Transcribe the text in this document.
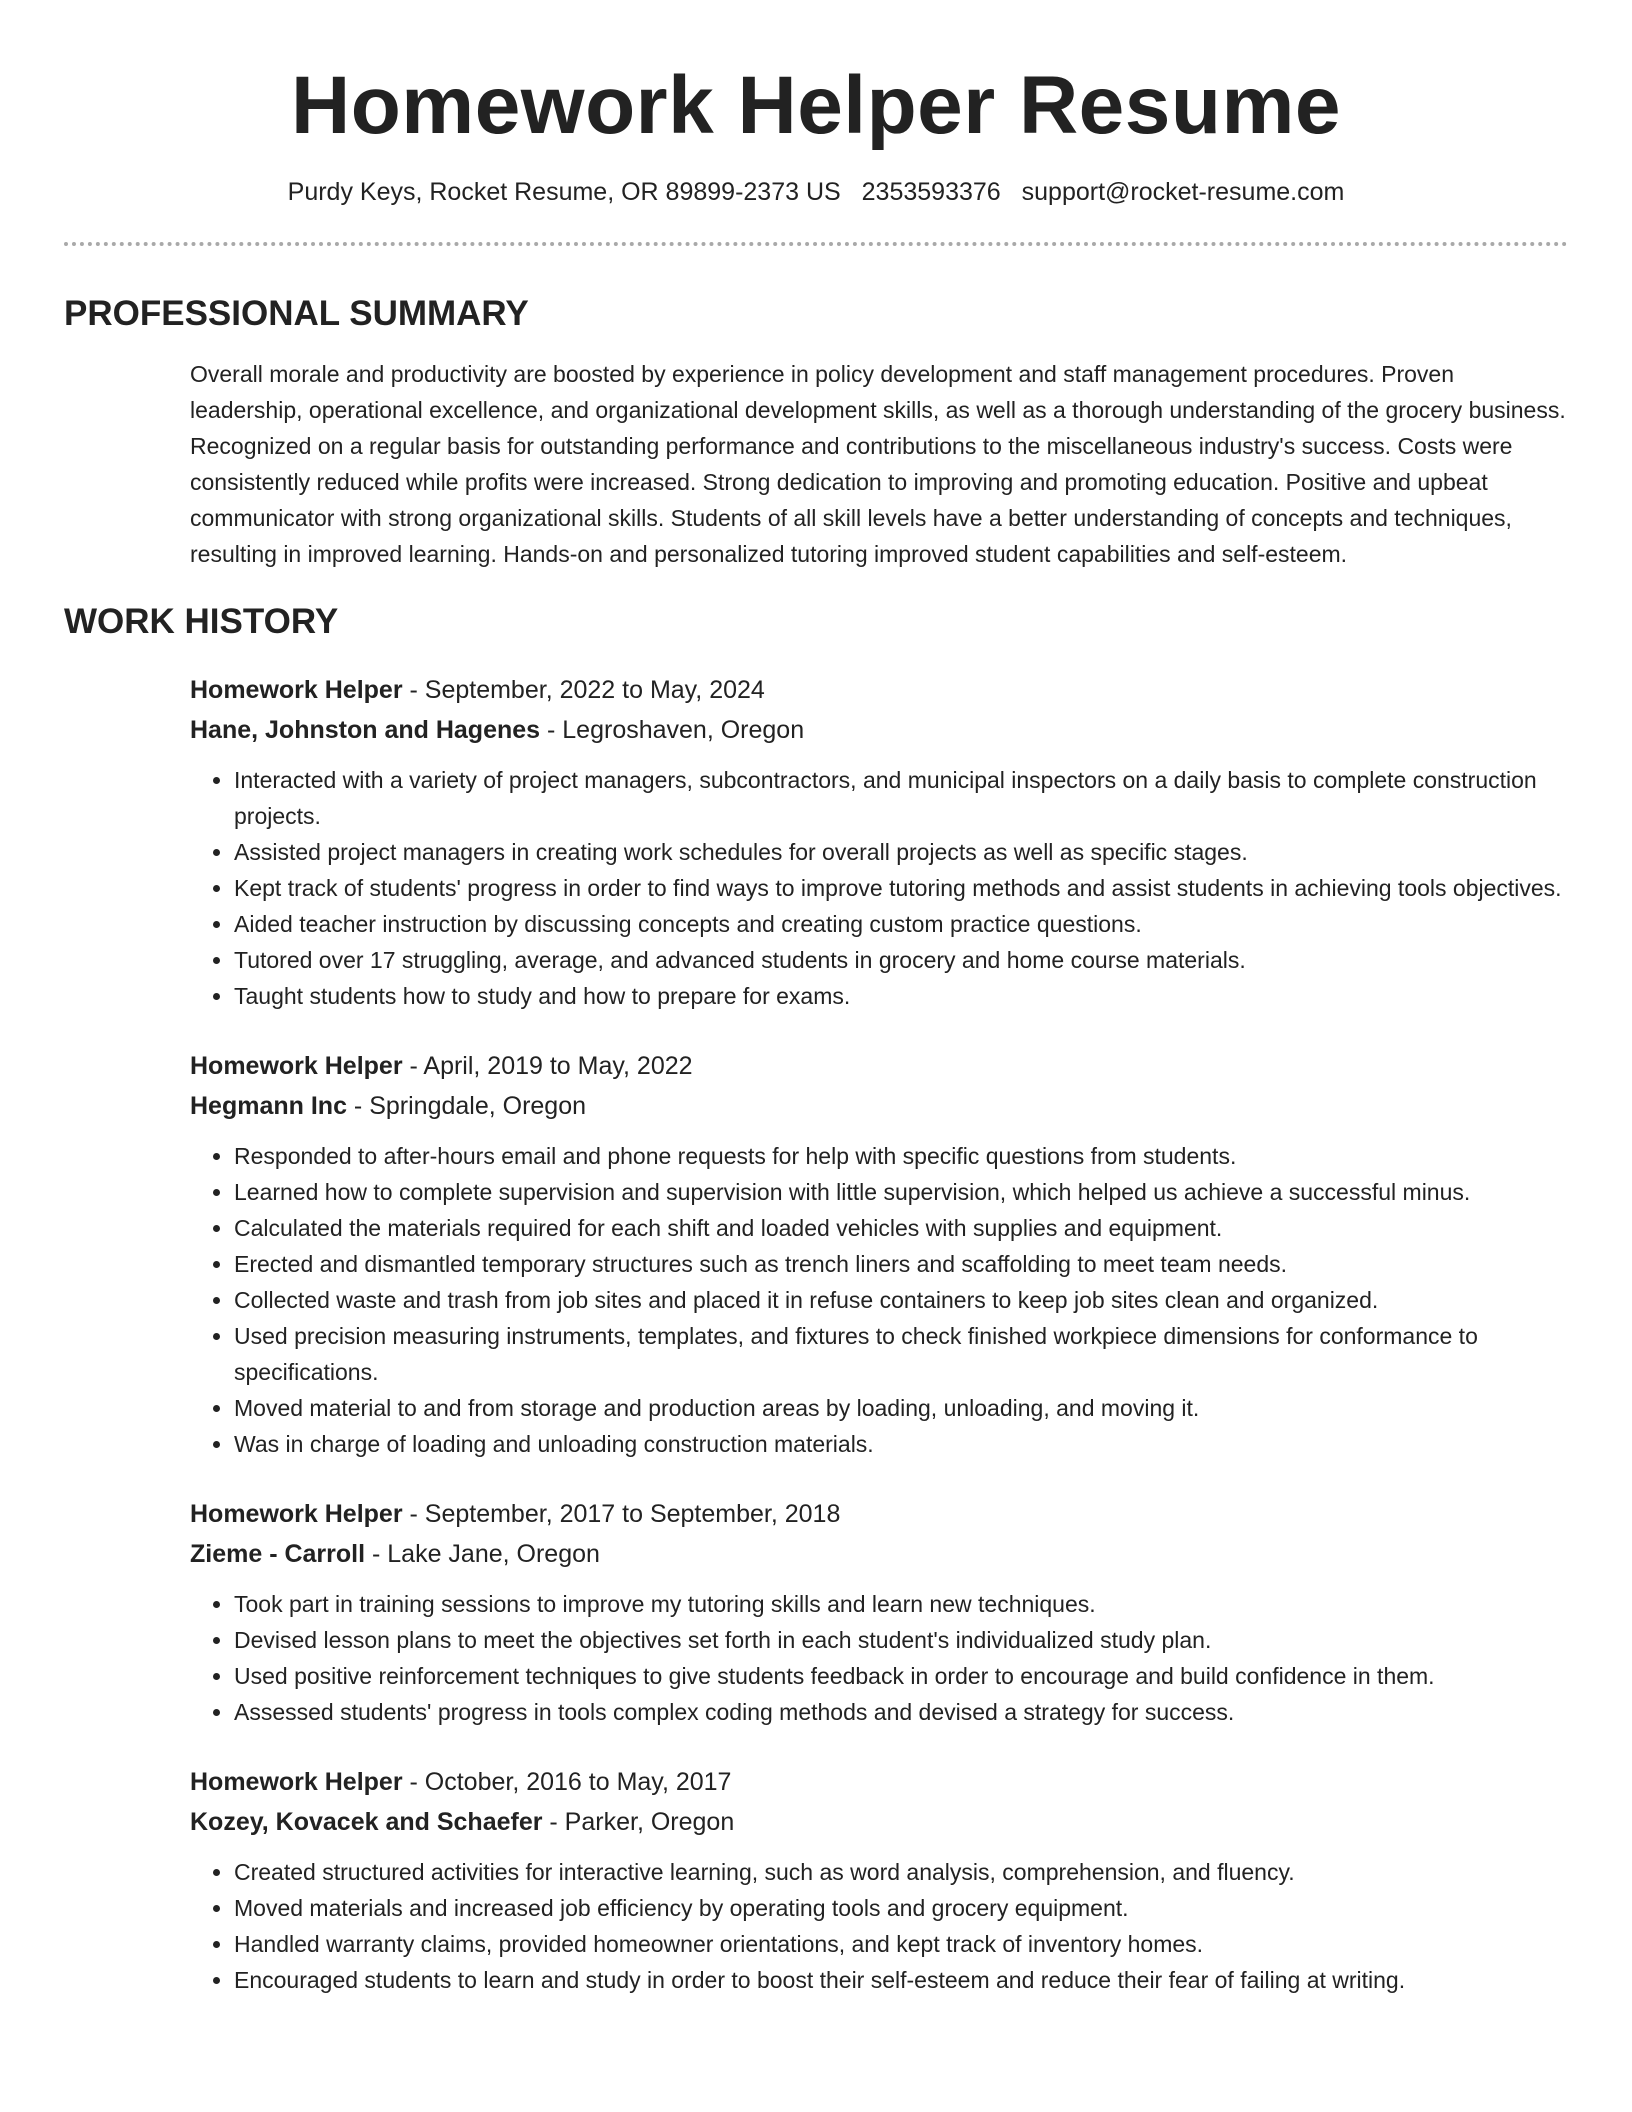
Homework Helper Resume
Purdy Keys, Rocket Resume, OR 89899-2373 US 2353593376 support@rocket-resume.com
PROFESSIONAL SUMMARY

Overall morale and productivity are boosted by experience in policy development and staff management procedures. Proven leadership, operational excellence, and organizational development skills, as well as a thorough understanding of the grocery business. Recognized on a regular basis for outstanding performance and contributions to the miscellaneous industry's success. Costs were consistently reduced while profits were increased. Strong dedication to improving and promoting education. Positive and upbeat communicator with strong organizational skills. Students of all skill levels have a better understanding of concepts and techniques, resulting in improved learning. Hands-on and personalized tutoring improved student capabilities and self-esteem.

WORK HISTORY
Homework Helper - September, 2022 to May, 2024
Hane, Johnston and Hagenes - Legroshaven, Oregon
• Interacted with a variety of project managers, subcontractors, and municipal inspectors on a daily basis to complete construction projects.
• Assisted project managers in creating work schedules for overall projects as well as specific stages.
• Kept track of students' progress in order to find ways to improve tutoring methods and assist students in achieving tools objectives.
• Aided teacher instruction by discussing concepts and creating custom practice questions.
• Tutored over 17 struggling, average, and advanced students in grocery and home course materials.
• Taught students how to study and how to prepare for exams.
Homework Helper - April, 2019 to May, 2022
Hegmann Inc - Springdale, Oregon
• Responded to after-hours email and phone requests for help with specific questions from students.
• Learned how to complete supervision and supervision with little supervision, which helped us achieve a successful minus.
• Calculated the materials required for each shift and loaded vehicles with supplies and equipment.
• Erected and dismantled temporary structures such as trench liners and scaffolding to meet team needs.
• Collected waste and trash from job sites and placed it in refuse containers to keep job sites clean and organized.
• Used precision measuring instruments, templates, and fixtures to check finished workpiece dimensions for conformance to specifications.
• Moved material to and from storage and production areas by loading, unloading, and moving it.
• Was in charge of loading and unloading construction materials.
Homework Helper - September, 2017 to September, 2018
Zieme - Carroll - Lake Jane, Oregon
• Took part in training sessions to improve my tutoring skills and learn new techniques.
• Devised lesson plans to meet the objectives set forth in each student's individualized study plan.
• Used positive reinforcement techniques to give students feedback in order to encourage and build confidence in them.
• Assessed students' progress in tools complex coding methods and devised a strategy for success.
Homework Helper - October, 2016 to May, 2017
Kozey, Kovacek and Schaefer - Parker, Oregon
• Created structured activities for interactive learning, such as word analysis, comprehension, and fluency.
• Moved materials and increased job efficiency by operating tools and grocery equipment.
• Handled warranty claims, provided homeowner orientations, and kept track of inventory homes.
• Encouraged students to learn and study in order to boost their self-esteem and reduce their fear of failing at writing.
